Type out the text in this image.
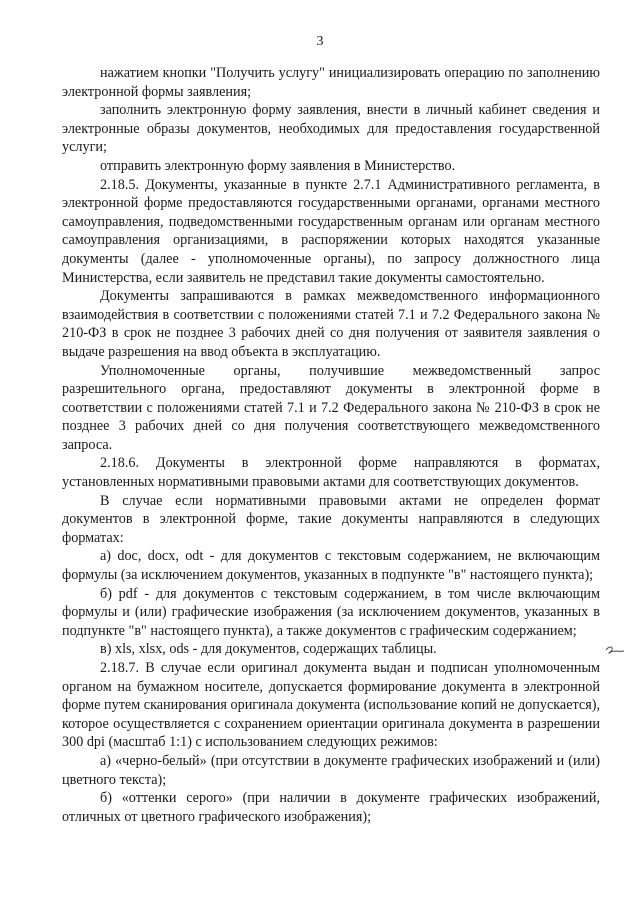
3

нажатием кнопки "Получить услугу" инициализировать операцию по заполнению электронной формы заявления;

заполнить электронную форму заявления, внести в личный кабинет сведения и электронные образы документов, необходимых для предоставления государственной услуги;

отправить электронную форму заявления в Министерство.

2.18.5. Документы, указанные в пункте 2.7.1 Административного регламента, в электронной форме предоставляются государственными органами, органами местного самоуправления, подведомственными государственным органам или органам местного самоуправления организациями, в распоряжении которых находятся указанные документы (далее - уполномоченные органы), по запросу должностного лица Министерства, если заявитель не представил такие документы самостоятельно.

Документы запрашиваются в рамках межведомственного информационного взаимодействия в соответствии с положениями статей 7.1 и 7.2 Федерального закона № 210-ФЗ в срок не позднее 3 рабочих дней со дня получения от заявителя заявления о выдаче разрешения на ввод объекта в эксплуатацию.

Уполномоченные органы, получившие межведомственный запрос разрешительного органа, предоставляют документы в электронной форме в соответствии с положениями статей 7.1 и 7.2 Федерального закона № 210-ФЗ в срок не позднее 3 рабочих дней со дня получения соответствующего межведомственного запроса.

2.18.6. Документы в электронной форме направляются в форматах, установленных нормативными правовыми актами для соответствующих документов.

В случае если нормативными правовыми актами не определен формат документов в электронной форме, такие документы направляются в следующих форматах:

а) doc, docx, odt - для документов с текстовым содержанием, не включающим формулы (за исключением документов, указанных в подпункте "в" настоящего пункта);

б) pdf - для документов с текстовым содержанием, в том числе включающим формулы и (или) графические изображения (за исключением документов, указанных в подпункте "в" настоящего пункта), а также документов с графическим содержанием;

в) xls, xlsx, ods - для документов, содержащих таблицы.

2.18.7. В случае если оригинал документа выдан и подписан уполномоченным органом на бумажном носителе, допускается формирование документа в электронной форме путем сканирования оригинала документа (использование копий не допускается), которое осуществляется с сохранением ориентации оригинала документа в разрешении 300 dpi (масштаб 1:1) с использованием следующих режимов:

а) «черно-белый» (при отсутствии в документе графических изображений и (или) цветного текста);

б) «оттенки серого» (при наличии в документе графических изображений, отличных от цветного графического изображения);
